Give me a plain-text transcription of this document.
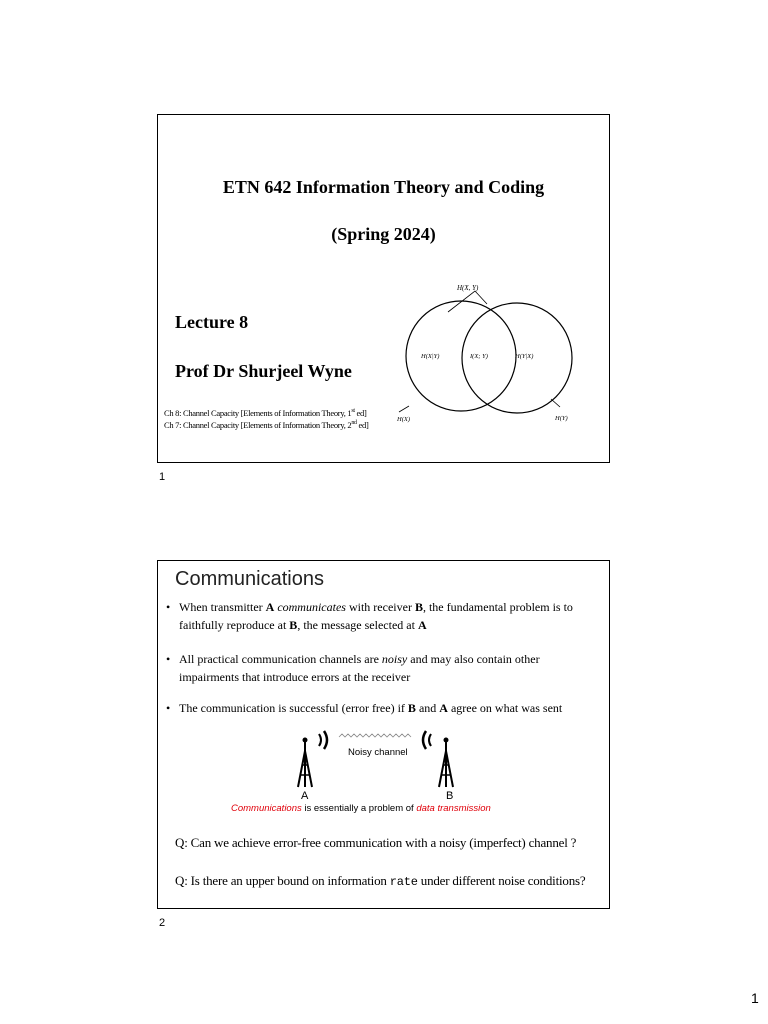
ETN 642 Information Theory and Coding
(Spring 2024)
Lecture 8
Prof Dr Shurjeel Wyne
Ch 8: Channel Capacity [Elements of Information Theory, 1st ed]
Ch 7: Channel Capacity [Elements of Information Theory, 2nd ed]
H(X, Y)
H(X|Y)	I(X; Y)	H(Y|X)
H(X)	H(Y)
1
Communications
• When transmitter A communicates with receiver B, the fundamental problem is to
faithfully reproduce at B, the message selected at A
• All practical communication channels are noisy and may also contain other
impairments that introduce errors at the receiver
• The communication is successful (error free) if B and A agree on what was sent
Noisy channel
A	B
Communications is essentially a problem of data transmission
Q: Can we achieve error-free communication with a noisy (imperfect) channel ?
Q: Is there an upper bound on information rate under different noise conditions?
2
1
